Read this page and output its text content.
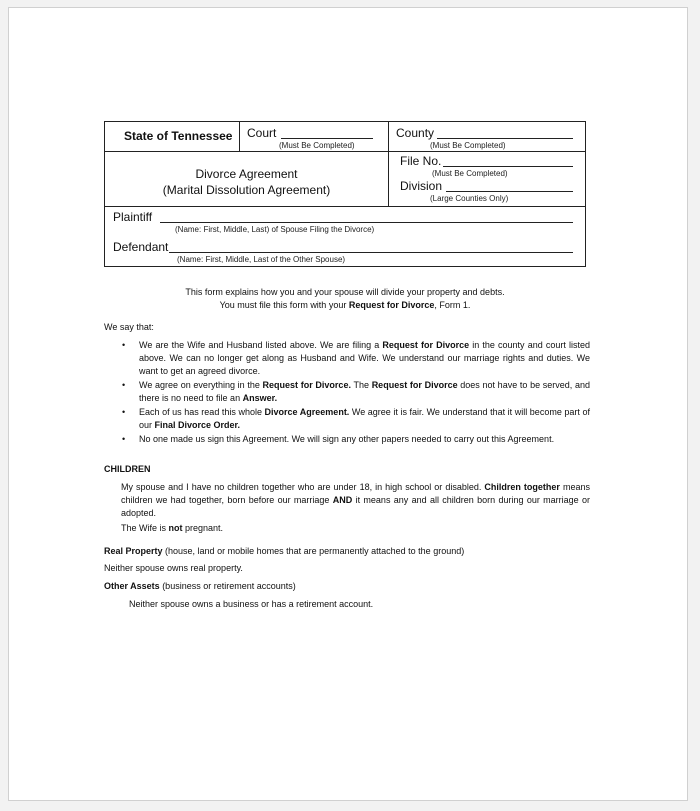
State of Tennessee Court
(Must Be Completed)
County
(Must Be Completed)
Divorce Agreement
(Marital Dissolution Agreement)
File No.
(Must Be Completed)
Division
(Large Counties Only)
Plaintiff
(Name: First, Middle, Last) of Spouse Filing the Divorce)
Defendant
(Name: First, Middle, Last of the Other Spouse)
This form explains how you and your spouse will divide your property and debts.
You must file this form with your Request for Divorce, Form 1.
We say that:
• We are the Wife and Husband listed above. We are filing a Request for Divorce in the county and court listed above. We can no longer get along as Husband and Wife. We understand our marriage rights and duties. We want to get an agreed divorce.
• We agree on everything in the Request for Divorce. The Request for Divorce does not have to be served, and there is no need to file an Answer.
• Each of us has read this whole Divorce Agreement. We agree it is fair. We understand that it will become part of our Final Divorce Order.
• No one made us sign this Agreement. We will sign any other papers needed to carry out this Agreement.
CHILDREN
My spouse and I have no children together who are under 18, in high school or disabled. Children together means children we had together, born before our marriage AND it means any and all children born during our marriage or adopted.
The Wife is not pregnant.
Real Property (house, land or mobile homes that are permanently attached to the ground)
Neither spouse owns real property.
Other Assets (business or retirement accounts)
Neither spouse owns a business or has a retirement account.
